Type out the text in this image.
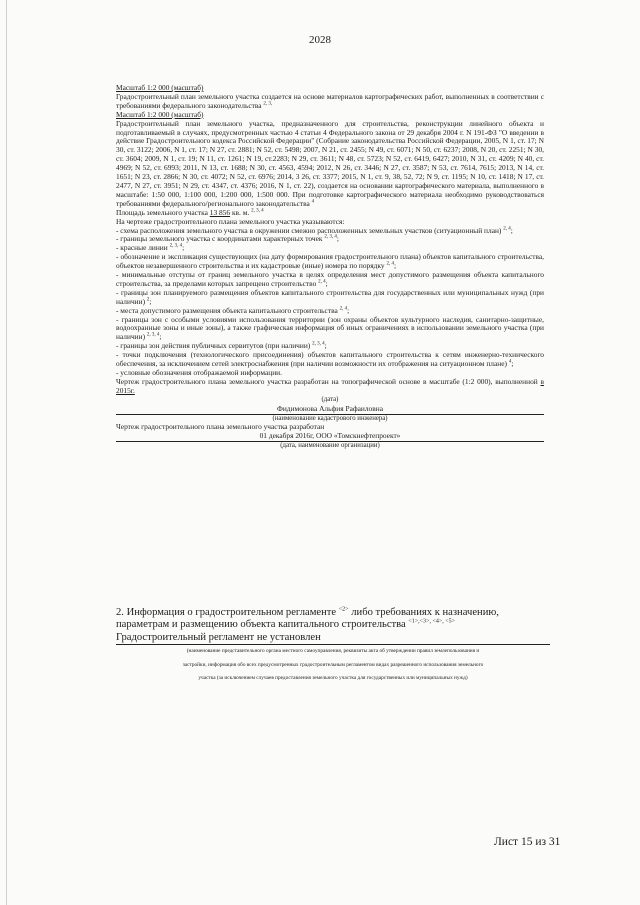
2028

Масштаб 1:2 000 (масштаб)

Градостроительный план земельного участка создается на основе материалов картографических работ, выполненных в соответствии с требованиями федерального законодательства $^{2, 3,}$

Масштаб 1:2 000 (масштаб)

Градостроительный план земельного участка, предназначенного для строительства, реконструкции линейного объекта и подготавливаемый в случаях, предусмотренных частью 4 статьи 4 Федерального закона от 29 декабря 2004 г. N 191-ФЗ "О введении в действие Градостроительного кодекса Российской Федерации" (Собрание законодательства Российской Федерации, 2005, N 1, ст. 17; N 30, ст. 3122; 2006, N 1, ст. 17; N 27, ст. 2881; N 52, ст. 5498; 2007, N 21, ст. 2455; N 49, ст. 6071; N 50, ст. 6237; 2008, N 20, ст. 2251; N 30, ст. 3604; 2009, N 1, ст. 19; N 11, ст. 1261; N 19, ст.2283; N 29, ст. 3611; N 48, ст. 5723; N 52, ст. 6419, 6427; 2010, N 31, ст. 4209; N 40, ст. 4969; N 52, ст. 6993; 2011, N 13, ст. 1688; N 30, ст. 4563, 4594; 2012, N 26, ст. 3446; N 27, ст. 3587; N 53, ст. 7614, 7615; 2013, N 14, ст. 1651; N 23, ст. 2866; N 30, ст. 4072; N 52, ст. 6976; 2014, 3 26, ст. 3377; 2015, N 1, ст. 9, 38, 52, 72; N 9, ст. 1195; N 10, ст. 1418; N 17, ст. 2477, N 27, ст. 3951; N 29, ст. 4347, ст. 4376; 2016, N 1, ст. 22), создается на основании картографического материала, выполненного в масштабе: 1:50 000, 1:100 000, 1:200 000, 1:500 000. При подготовке картографического материала необходимо руководствоваться требованиями федерального/регионального законодательства $^4$

Площадь земельного участка 13 856 кв. м. $^{2, 3, 4}$

На чертеже градостроительного плана земельного участка указываются:

- схема расположения земельного участка в окружении смежно расположенных земельных участков (ситуационный план) $^{2, 4}$;

- границы земельного участка с координатами характерных точек $^{2, 3, 4}$;

- красные линии $^{2, 3, 4}$;

- обозначение и экспликация существующих (на дату формирования градостроительного плана) объектов капитального строительства, объектов незавершенного строительства и их кадастровые (иные) номера по порядку $^{2, 4}$;

- минимальные отступы от границ земельного участка в целях определения мест допустимого размещения объекта капитального строительства, за пределами которых запрещено строительство $^{2, 4}$;

- границы зон планируемого размещения объектов капитального строительства для государственных или муниципальных нужд (при наличии) $^2$;

- места допустимого размещения объекта капитального строительства $^{2, 4}$;

- границы зон с особыми условиями использования территории (зон охраны объектов культурного наследия, санитарно-защитные, водоохранные зоны и иные зоны), а также графическая информация об иных ограничениях в использовании земельного участка (при наличии) $^{2, 3, 4}$;

- границы зон действия публичных сервитутов (при наличии) $^{2, 3, 4}$;

- точки подключения (технологического присоединения) объектов капитального строительства к сетям инженерно-технического обеспечения, за исключением сетей электроснабжения (при наличии возможности их отображения на ситуационном плане) $^4$;

- условные обозначения отображаемой информации.

Чертеж градостроительного плана земельного участка разработан на топографической основе в масштабе (1:2 000), выполненной в 2015г.

(дата)
Фидимонова Альфия Рафаиловна
(наименование кадастрового инженера)

Чертеж градостроительного плана земельного участка разработан

01 декабря 2016г, ООО «Томскнефтепроект»
(дата, наименование организации)

2. Информация о градостроительном регламенте $^{<2>}$ либо требованиях к назначению, параметрам и размещению объекта капитального строительства $^{<1>,<3>, <4>, <5>}$

Градостроительный регламент не установлен

(наименование представительного органа местного самоуправления, реквизиты акта об утверждении правил землепользования и

застройки, информация обо всех предусмотренных градостроительным регламентом видах разрешенного использования земельного

участка (за исключением случаев предоставления земельного участка для государственных или муниципальных нужд)

Лист 15 из 31
